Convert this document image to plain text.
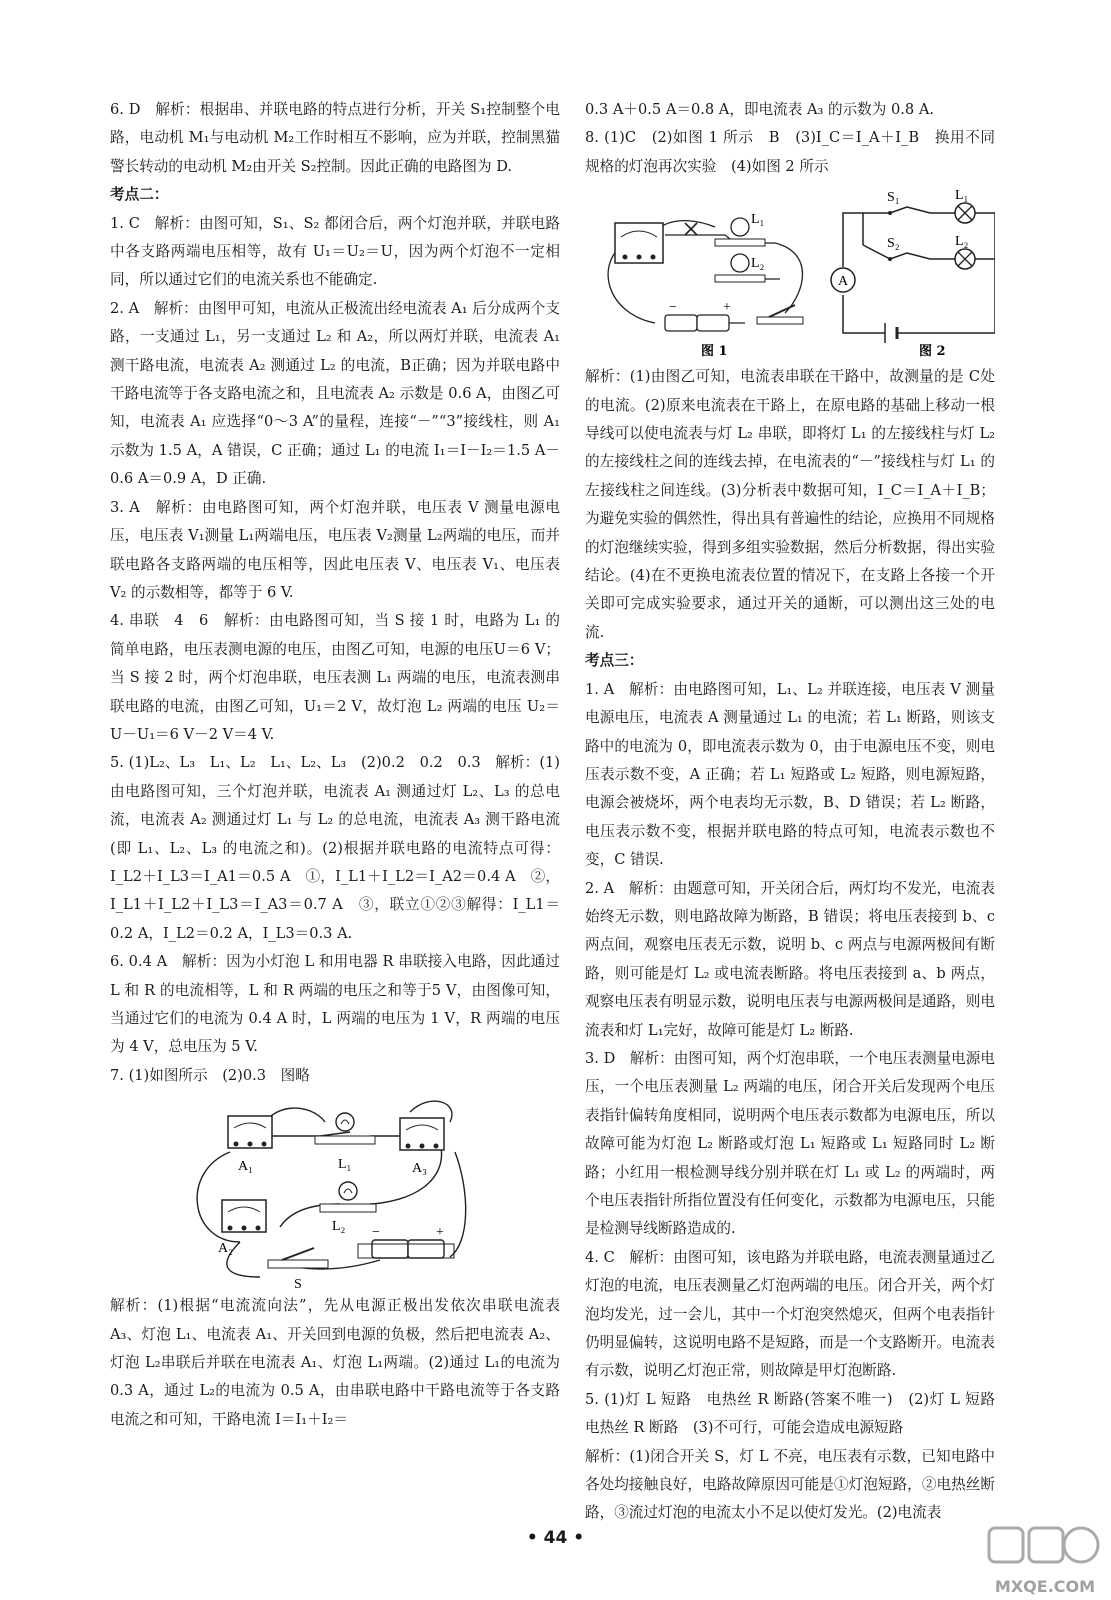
6. D　解析：根据串、并联电路的特点进行分析，开关 S₁控制整个电路，电动机 M₁与电动机 M₂工作时相互不影响，应为并联，控制黑猫警长转动的电动机 M₂由开关 S₂控制。因此正确的电路图为 D.

考点二：

1. C　解析：由图可知，S₁、S₂ 都闭合后，两个灯泡并联，并联电路中各支路两端电压相等，故有 U₁＝U₂＝U，因为两个灯泡不一定相同，所以通过它们的电流关系也不能确定.

2. A　解析：由图甲可知，电流从正极流出经电流表 A₁ 后分成两个支路，一支通过 L₁，另一支通过 L₂ 和 A₂，所以两灯并联，电流表 A₁ 测干路电流，电流表 A₂ 测通过 L₂ 的电流，B正确；因为并联电路中干路电流等于各支路电流之和，且电流表 A₂ 示数是 0.6 A，由图乙可知，电流表 A₁ 应选择“0～3 A”的量程，连接“－”“3”接线柱，则 A₁ 示数为 1.5 A，A 错误，C 正确；通过 L₁ 的电流 I₁＝I－I₂＝1.5 A－0.6 A＝0.9 A，D 正确.

3. A　解析：由电路图可知，两个灯泡并联，电压表 V 测量电源电压，电压表 V₁测量 L₁两端电压，电压表 V₂测量 L₂两端的电压，而并联电路各支路两端的电压相等，因此电压表 V、电压表 V₁、电压表 V₂ 的示数相等，都等于 6 V.

4. 串联　4　6　解析：由电路图可知，当 S 接 1 时，电路为 L₁ 的简单电路，电压表测电源的电压，由图乙可知，电源的电压U＝6 V；当 S 接 2 时，两个灯泡串联，电压表测 L₁ 两端的电压，电流表测串联电路的电流，由图乙可知，U₁＝2 V，故灯泡 L₂ 两端的电压 U₂＝U－U₁＝6 V－2 V＝4 V.

5. (1)L₂、L₃　L₁、L₂　L₁、L₂、L₃　(2)0.2　0.2　0.3　解析：(1)由电路图可知，三个灯泡并联，电流表 A₁ 测通过灯 L₂、L₃ 的总电流，电流表 A₂ 测通过灯 L₁ 与 L₂ 的总电流，电流表 A₃ 测干路电流(即 L₁、L₂、L₃ 的电流之和)。(2)根据并联电路的电流特点可得：I_L2＋I_L3＝I_A1＝0.5 A　①，I_L1＋I_L2＝I_A2＝0.4 A　②，I_L1＋I_L2＋I_L3＝I_A3＝0.7 A　③，联立①②③解得：I_L1＝0.2 A，I_L2＝0.2 A，I_L3＝0.3 A.

6. 0.4 A　解析：因为小灯泡 L 和用电器 R 串联接入电路，因此通过 L 和 R 的电流相等，L 和 R 两端的电压之和等于5 V，由图像可知，当通过它们的电流为 0.4 A 时，L 两端的电压为 1 V，R 两端的电压为 4 V，总电压为 5 V.

7. (1)如图所示　(2)0.3　图略

A₁	L₁	A₃
A₂
L₂
S
−	+

解析：(1)根据“电流流向法”，先从电源正极出发依次串联电流表 A₃、灯泡 L₁、电流表 A₁、开关回到电源的负极，然后把电流表 A₂、灯泡 L₂串联后并联在电流表 A₁、灯泡 L₁两端。(2)通过 L₁的电流为 0.3 A，通过 L₂的电流为 0.5 A，由串联电路中干路电流等于各支路电流之和可知，干路电流 I＝I₁＋I₂＝

0.3 A＋0.5 A＝0.8 A，即电流表 A₃ 的示数为 0.8 A.

8. (1)C　(2)如图 1 所示　B　(3)I_C＝I_A＋I_B　换用不同规格的灯泡再次实验　(4)如图 2 所示

L₁
L₂
−	+
图 1
A
S₁	L₁
S₂	L₂
图 2

解析：(1)由图乙可知，电流表串联在干路中，故测量的是 C处的电流。(2)原来电流表在干路上，在原电路的基础上移动一根导线可以使电流表与灯 L₂ 串联，即将灯 L₁ 的左接线柱与灯 L₂的左接线柱之间的连线去掉，在电流表的“－”接线柱与灯 L₁ 的左接线柱之间连线。(3)分析表中数据可知，I_C＝I_A＋I_B；为避免实验的偶然性，得出具有普遍性的结论，应换用不同规格的灯泡继续实验，得到多组实验数据，然后分析数据，得出实验结论。(4)在不更换电流表位置的情况下，在支路上各接一个开关即可完成实验要求，通过开关的通断，可以测出这三处的电流.

考点三：

1. A　解析：由电路图可知，L₁、L₂ 并联连接，电压表 V 测量电源电压，电流表 A 测量通过 L₁ 的电流；若 L₁ 断路，则该支路中的电流为 0，即电流表示数为 0，由于电源电压不变，则电压表示数不变，A 正确；若 L₁ 短路或 L₂ 短路，则电源短路，电源会被烧坏，两个电表均无示数，B、D 错误；若 L₂ 断路，电压表示数不变，根据并联电路的特点可知，电流表示数也不变，C 错误.

2. A　解析：由题意可知，开关闭合后，两灯均不发光，电流表始终无示数，则电路故障为断路，B 错误；将电压表接到 b、c 两点间，观察电压表无示数，说明 b、c 两点与电源两极间有断路，则可能是灯 L₂ 或电流表断路。将电压表接到 a、b 两点，观察电压表有明显示数，说明电压表与电源两极间是通路，则电流表和灯 L₁完好，故障可能是灯 L₂ 断路.

3. D　解析：由图可知，两个灯泡串联，一个电压表测量电源电压，一个电压表测量 L₂ 两端的电压，闭合开关后发现两个电压表指针偏转角度相同，说明两个电压表示数都为电源电压，所以故障可能为灯泡 L₂ 断路或灯泡 L₁ 短路或 L₁ 短路同时 L₂ 断路；小红用一根检测导线分别并联在灯 L₁ 或 L₂ 的两端时，两个电压表指针所指位置没有任何变化，示数都为电源电压，只能是检测导线断路造成的.

4. C　解析：由图可知，该电路为并联电路，电流表测量通过乙灯泡的电流，电压表测量乙灯泡两端的电压。闭合开关，两个灯泡均发光，过一会儿，其中一个灯泡突然熄灭，但两个电表指针仍明显偏转，这说明电路不是短路，而是一个支路断开。电流表有示数，说明乙灯泡正常，则故障是甲灯泡断路.

5. (1)灯 L 短路　电热丝 R 断路(答案不唯一)　(2)灯 L 短路　电热丝 R 断路　(3)不可行，可能会造成电源短路

解析：(1)闭合开关 S，灯 L 不亮，电压表有示数，已知电路中各处均接触良好，电路故障原因可能是①灯泡短路，②电热丝断路，③流过灯泡的电流太小不足以使灯发光。(2)电流表

• 44 •
MXQE.COM
